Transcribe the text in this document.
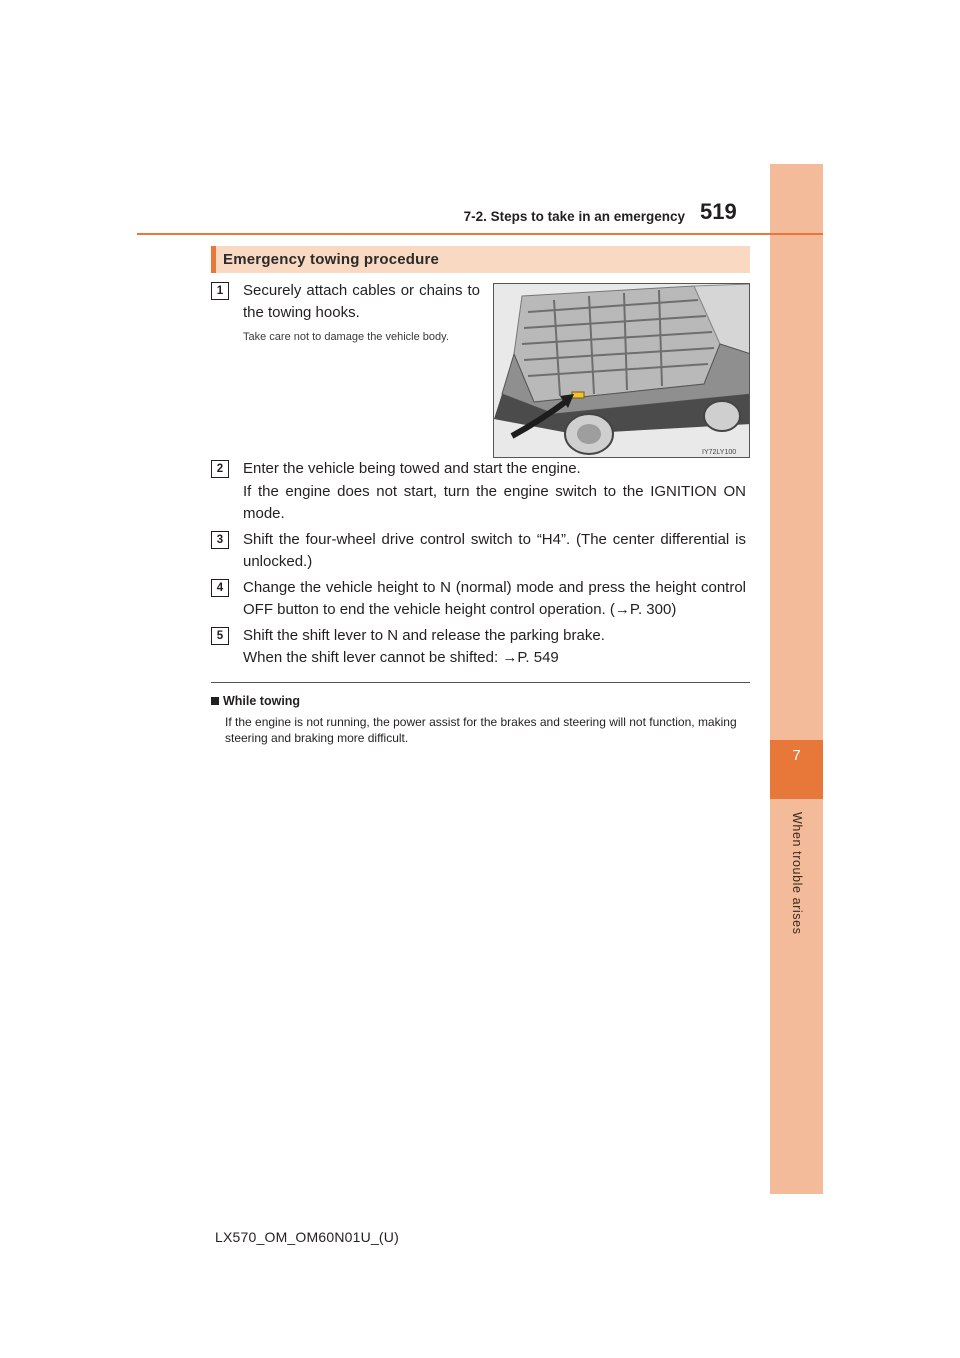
7
When trouble arises
7-2. Steps to take in an emergency 519
Emergency towing procedure
1	Securely attach cables or chains to the towing hooks.
Take care not to damage the vehicle body.
IY72LY100
2	Enter the vehicle being towed and start the engine.
If the engine does not start, turn the engine switch to the IGNITION ON mode.
3	Shift the four-wheel drive control switch to “H4”. (The center differential is unlocked.)
4	Change the vehicle height to N (normal) mode and press the height control OFF button to end the vehicle height control operation. (→P. 300)
5	Shift the shift lever to N and release the parking brake.
When the shift lever cannot be shifted: →P. 549
While towing
If the engine is not running, the power assist for the brakes and steering will not function, making steering and braking more difficult.
LX570_OM_OM60N01U_(U)
